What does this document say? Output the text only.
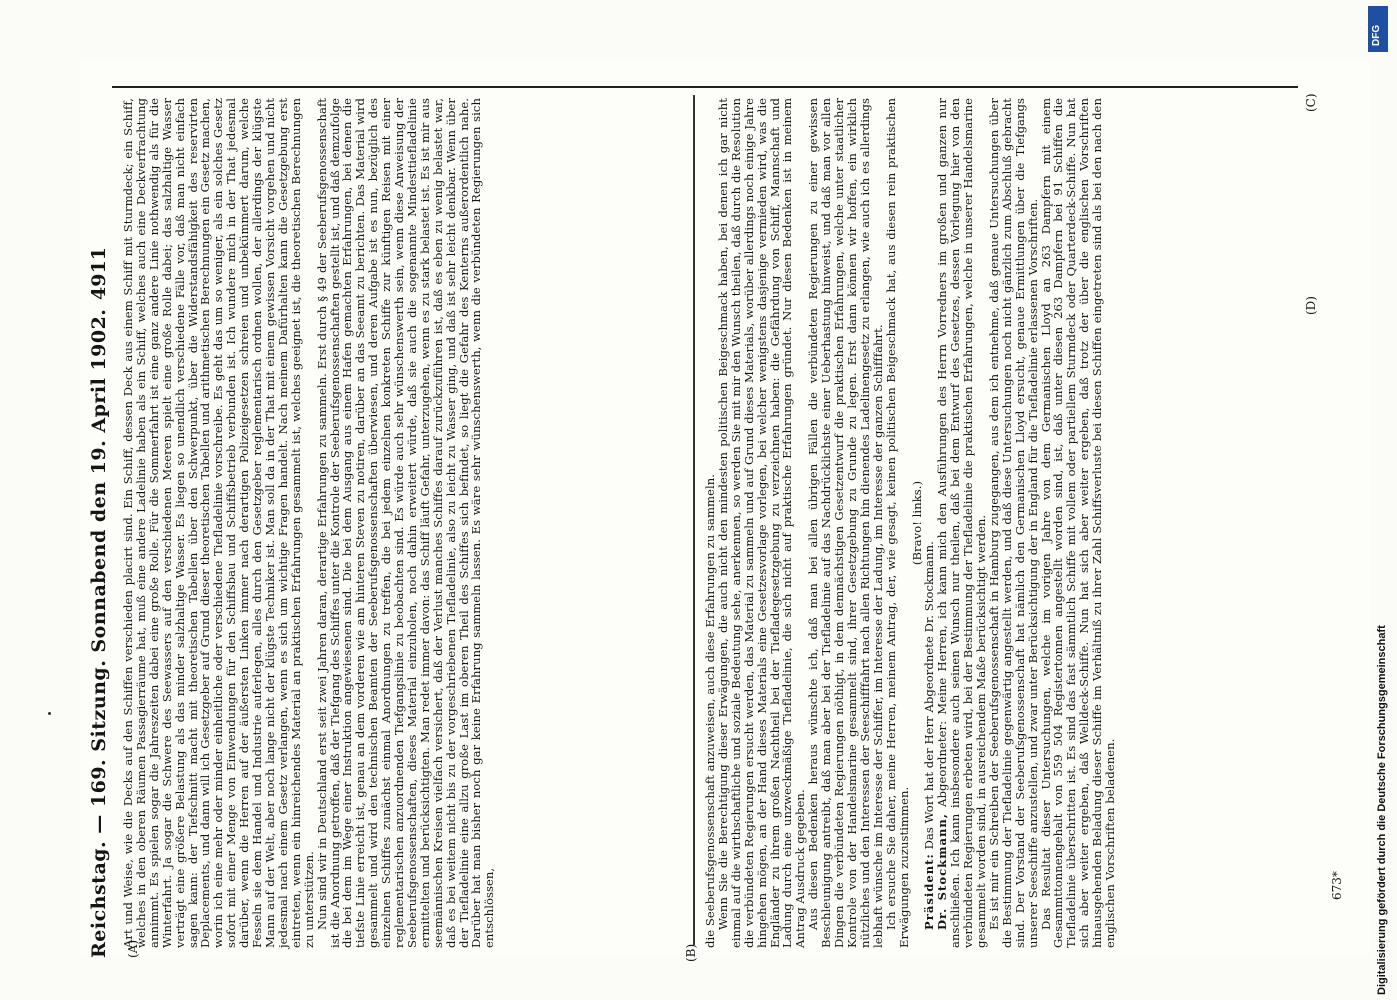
Reichstag. — 169. Sitzung. Sonnabend den 19. April 1902.
4911
(A)	(B)
(C)
(D)

Art und Weise, wie die Decks auf den Schiffen verschieden placirt sind. Ein Schiff, dessen Deck aus einem Schiff mit Sturmdeck; ein Schiff, welches in den oberen Räumen Passagierräume hat, muß eine andere Ladelinie haben als ein Schiff, welches auch eine Deckverfrachtung annimmt. Es spielen sogar die Jahreszeiten dabei eine große Rolle. Für die Sommerfahrt ist eine ganz andere Linie nothwendig als für die Winterfahrt. Ja sogar die Schwere des Seewassers auf den verschiedenen Meeren spielt eine große Rolle dabei; das salzhaltige Wasser verträgt eine größere Belastung als das minder salzhaltige Wasser. Es liegen so unendlich verschiedene Fälle vor, daß man nicht einfach sagen kann: der Tiefschnitt macht mit theoretischen Tabellen über den Schwerpunkt, über die Widerstandsfähigkeit des reservirten Deplacements, und dann will ich Gesetzgeber auf Grund dieser theoretischen Tabellen und arithmetischen Berechnungen ein Gesetz machen, worin ich eine mehr oder minder einheitliche oder verschiedene Tiefladelinie vorschreibe. Es geht das um so weniger, als ein solches Gesetz sofort mit einer Menge von Einwendungen für den Schiffsbau und Schiffsbetrieb verbunden ist. Ich wundere mich in der That jedesmal darüber, wenn die Herren auf der äußersten Linken immer nach derartigen Polizeigesetzen schreien und unbekümmert darum, welche Fesseln sie dem Handel und Industrie auferlegen, alles durch den Gesetzgeber reglementarisch ordnen wollen, der allerdings der klügste Mann auf der Welt, aber noch lange nicht der klügste Techniker ist. Man soll da in der That mit einem gewissen Vorsicht vorgehen und nicht jedesmal nach einem Gesetz verlangen, wenn es sich um wichtige Fragen handelt. Nach meinem Dafürhalten kann die Gesetzgebung erst eintreten, wenn ein hinreichendes Material an praktischen Erfahrungen gesammelt ist, welches geeignet ist, die theoretischen Berechnungen zu unterstützen.

Nun sind wir in Deutschland erst seit zwei Jahren daran, derartige Erfahrungen zu sammeln. Erst durch § 49 der Seeberufsgenossenschaft ist die Anordnung getroffen, daß der Tiefgang des Schiffes unter die Kontrole der Seeberufsgenossenschaften gestellt ist, und daß demzufolge die bei dem im Wege einer Instruktion angewiesenen sind. Die bei dem Ausgang aus einem Hafen gemachten Erfahrungen, bei denen die tiefste Linie erreicht ist, genau an dem vorderen wie am hinteren Steven zu notiren, darüber an das Seeamt zu berichten. Das Material wird gesammelt und wird den technischen Beamten der Seeberufsgenossenschaften überwiesen, und deren Aufgabe ist es nun, bezüglich des einzelnen Schiffes zunächst einmal Anordnungen zu treffen, die bei jedem einzelnen konkreten Schiffe zur künftigen Reisen mit einer reglementarischen anzuordnenden Tiefgangslinie zu beobachten sind. Es würde auch sehr wünschenswerth sein, wenn diese Anweisung der Seeberufsgenossenschaften, dieses Material einzuholen, noch dahin erweitert würde, daß sie auch die sogenannte Mindesttiefladelinie ermittelten und berücksichtigten. Man redet immer davon: das Schiff läuft Gefahr, unterzugehen, wenn es zu stark belastet ist. Es ist mir aus seemännischen Kreisen vielfach versichert, daß der Verlust manches Schiffes darauf zurückzuführen ist, daß es eben zu wenig belastet war, daß es bei weitem nicht bis zu der vorgeschriebenen Tiefladelinie, also zu leicht zu Wasser ging, und daß ist sehr leicht denkbar. Wenn über der Tiefladelinie eine allzu große Last im oberen Theil des Schiffes sich befindet, so liegt die Gefahr des Kenterns außerordentlich nahe. Darüber hat man bisher noch gar keine Erfahrung sammeln lassen. Es wäre sehr wünschenswerth, wenn die verbündeten Regierungen sich entschlössen,	die Seeberufsgenossenschaft anzuweisen, auch diese Erfahrungen zu sammeln.

Wenn Sie die Berechtigung dieser Erwägungen, die auch nicht den mindesten politischen Beigeschmack haben, bei denen ich gar nicht einmal auf die wirthschaftliche und soziale Bedeutung sehe, anerkennen, so werden Sie mit mir den Wunsch theilen, daß durch die Resolution die verbündeten Regierungen ersucht werden, das Material zu sammeln und auf Grund dieses Materials, worüber allerdings noch einige Jahre hingehen mögen, an der Hand dieses Materials eine Gesetzesvorlage vorlegen, bei welcher wenigstens dasjenige vermieden wird, was die Engländer zu ihrem großen Nachtheil bei der Tiefladegesetzgebung zu verzeichnen haben: die Gefährdung von Schiff, Mannschaft und Ladung durch eine unzweckmäßige Tiefladelinie, die sich nicht auf praktische Erfahrungen gründet. Nur diesen Bedenken ist in meinem Antrag Ausdruck gegeben.

Aus diesen Bedenken heraus wünschte ich, daß man bei allen übrigen Fällen die verbündeten Regierungen zu einer gewissen Beschleunigung antreibt, daß man aber bei der Tiefladelinie auf das Nachdrücklichste einer Ueberhastung hinweist, und daß man vor allen Dingen die verbündeten Regierungen nöthigt, in dem demnächstigen Gesetzentwurf die praktischen Erfahrungen, welche unter staatlicher Kontrole von der Handelsmarine gesammelt sind, ihrer Gesetzgebung zu Grunde zu legen. Erst dann können wir hoffen, ein wirklich nützliches und den Interessen der Seeschifffahrt nach allen Richtungen hin dienendes Ladelinengesetz zu erlangen, wie auch ich es allerdings lebhaft wünsche im Interesse der Schiffer, im Interesse der Ladung, im Interesse der ganzen Schifffahrt.

Ich ersuche Sie daher, meine Herren, meinem Antrag, der, wie gesagt, keinen politischen Beigeschmack hat, aus diesen rein praktischen Erwägungen zuzustimmen.

(Bravo! links.)

Präsident: Das Wort hat der Herr Abgeordnete Dr. Stockmann.

Dr. Stockmann, Abgeordneter: Meine Herren, ich kann mich den Ausführungen des Herrn Vorredners im großen und ganzen nur anschließen. Ich kann insbesondere auch seinen Wunsch nur theilen, daß bei dem Entwurf des Gesetzes, dessen Vorlegung hier von den verbündeten Regierungen erbeten wird, bei der Bestimmung der Tiefladelinie die praktischen Erfahrungen, welche in unserer Handelsmarine gesammelt worden sind, in ausreichendem Maße berücksichtigt werden.

Es ist mir ein Schreiben der Seeberufsgenossenschaft in Hamburg zugegangen, aus dem ich entnehme, daß genaue Untersuchungen über die Bestimmung der Tiefladelinie gegenwärtig angestellt werden, und daß diese Untersuchungen noch nicht gänzlich zum Abschluß gebracht sind. Der Vorstand der Seeberufsgenossenschaft hat nämlich den Germanischen Lloyd ersucht, genaue Ermittlungen über die Tiefgangs unserer Seeschiffe anzustellen, und zwar unter Berücksichtigung der in England für die Tiefladelinie erlassenen Vorschriften.

Das Resultat dieser Untersuchungen, welche im vorigen Jahre von dem Germanischen Lloyd an 263 Dampfern mit einem Gesammttonnengehalt von 559 504 Registertonnen angestellt worden sind, ist, daß unter diesen 263 Dampfern bei 91 Schiffen die Tiefladelinie überschritten ist. Es sind das fast sämmtlich Schiffe mit vollem oder partiellem Sturmdeck oder Quarterdeck-Schiffe. Nun hat sich aber weiter ergeben, daß Welldeck-Schiffe. Nun hat sich aber weiter ergeben, daß trotz der über die englischen Vorschriften hinausgehenden Beladung dieser Schiffe im Verhältniß zu ihrer Zahl Schiffsverluste bei diesen Schiffen eingetreten sind als bei den nach den englischen Vorschriften beladenen.	673*	Digitalisierung gefördert durch die Deutsche Forschungsgemeinschaft
DFG
